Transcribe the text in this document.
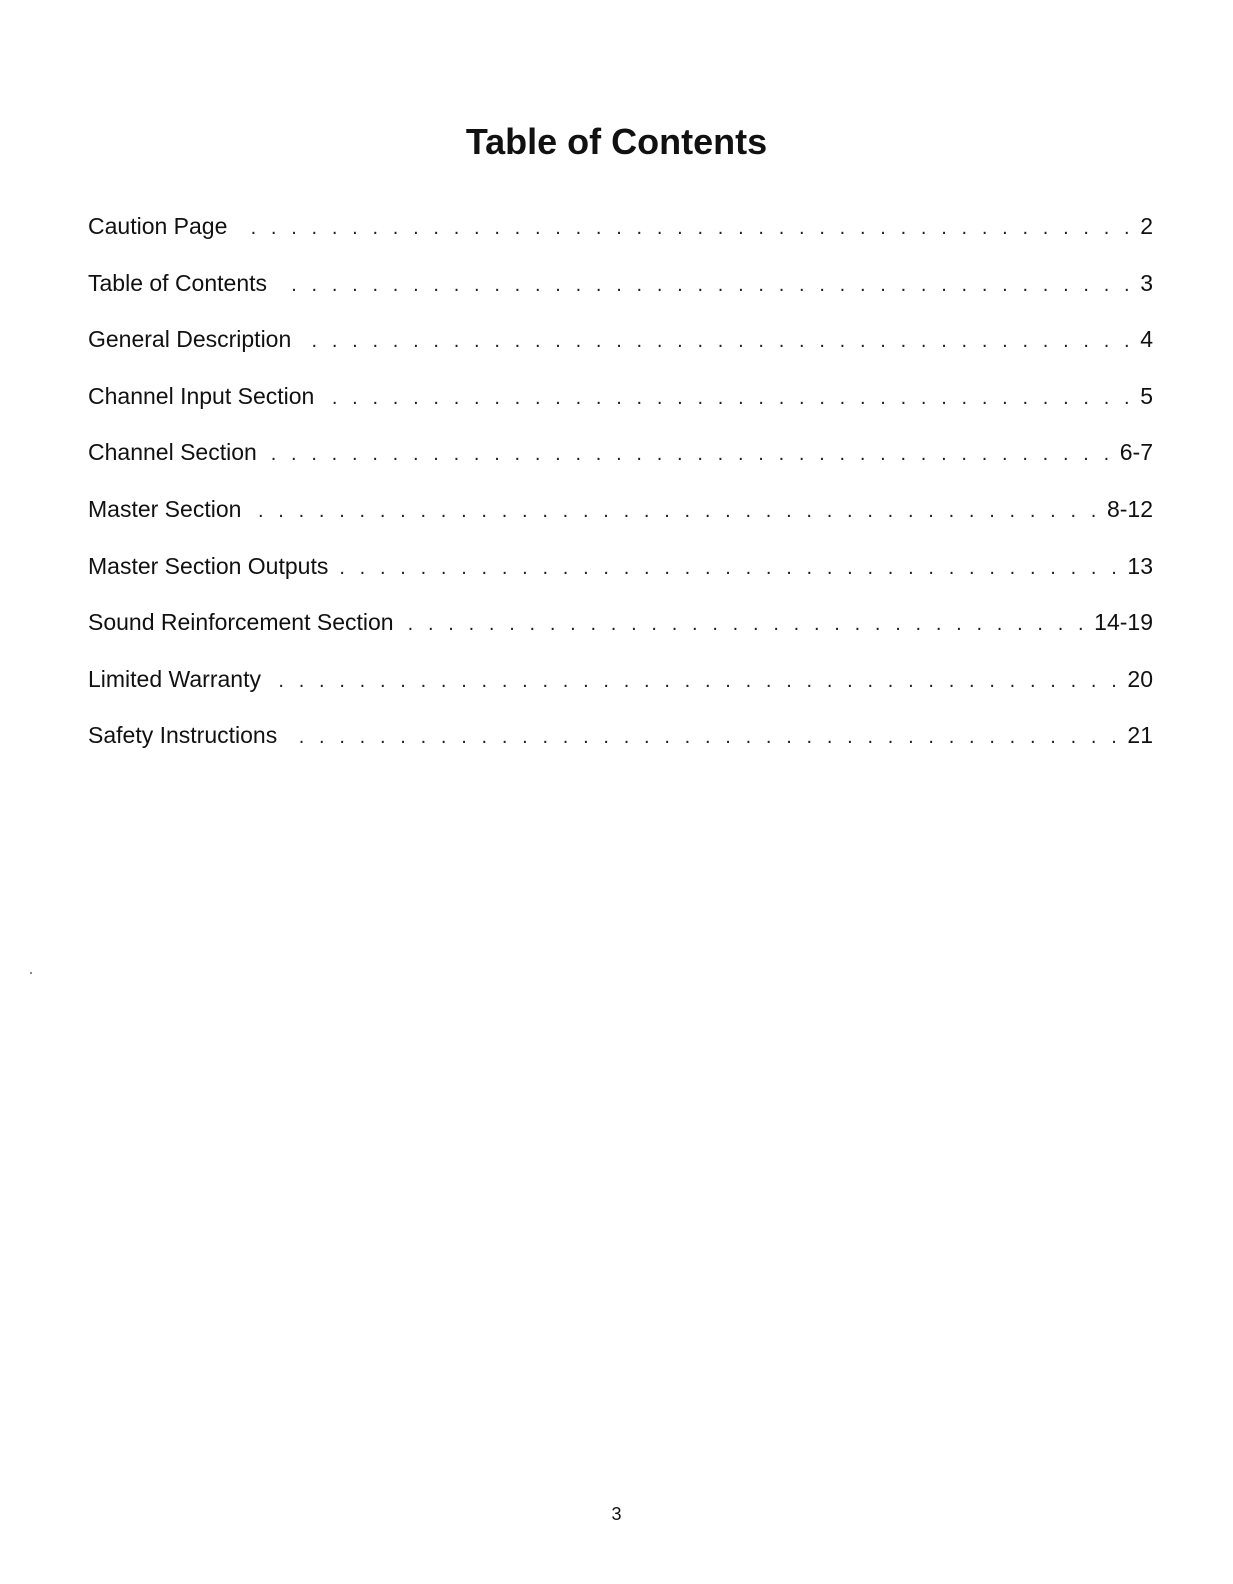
Table of Contents
Caution Page . . .	2
Table of Contents . . .	3
General Description . . .	4
Channel Input Section . . .	5
Channel Section . . .	6-7
Master Section . . .	8-12
Master Section Outputs . . .	13
Sound Reinforcement Section . . .	14-19
Limited Warranty . . .	20
Safety Instructions . . .	21
3
